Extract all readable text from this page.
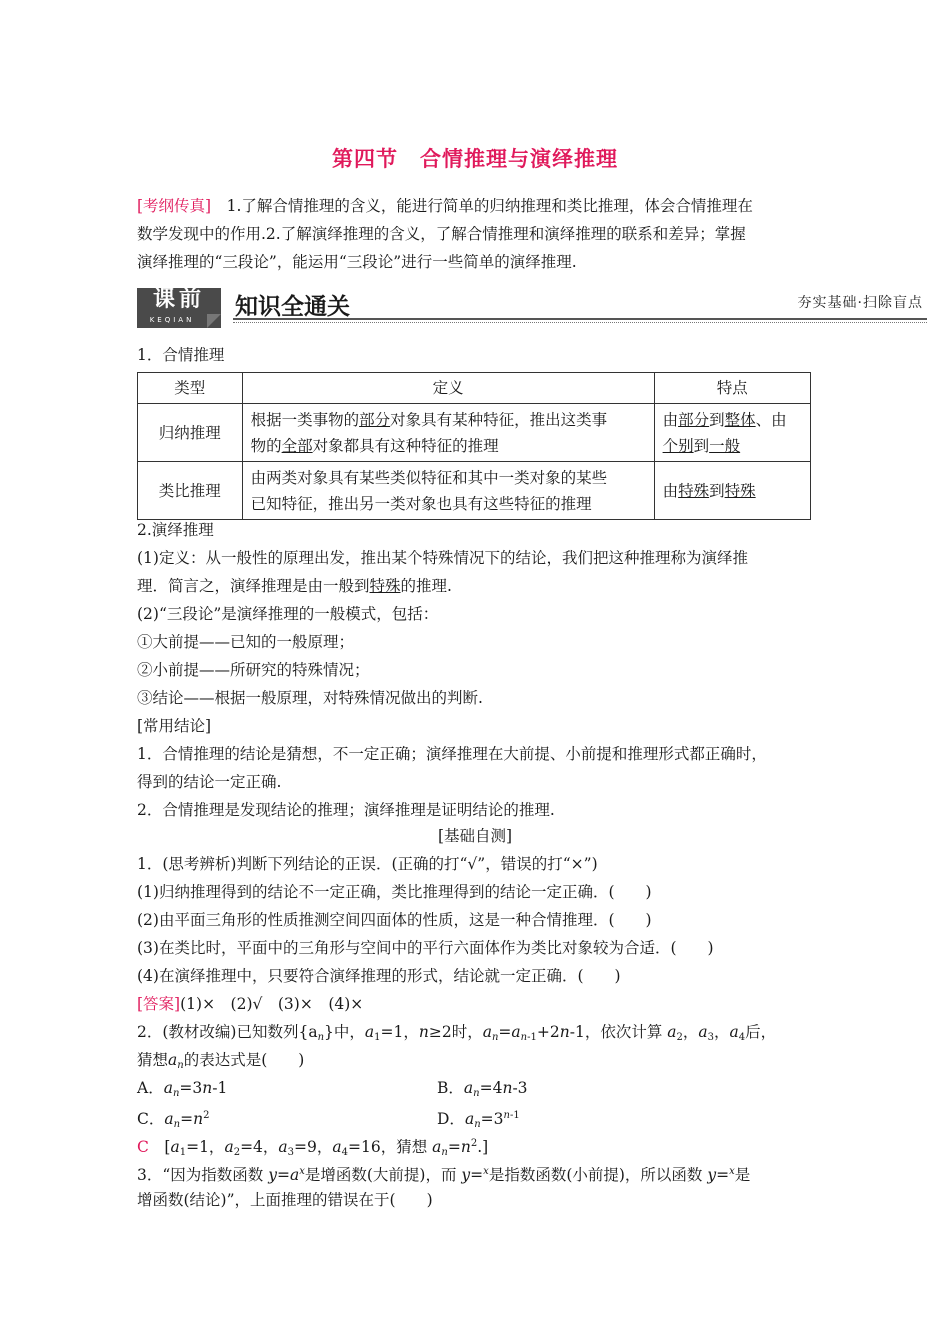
第四节　合情推理与演绎推理
[考纲传真]　 1.了解合情推理的含义，能进行简单的归纳推理和类比推理，体会合情推理在
数学发现中的作用.2.了解演绎推理的含义，了解合情推理和演绎推理的联系和差异；掌握
演绎推理的“三段论”，能运用“三段论”进行一些简单的演绎推理.
课前
KEQIAN	知识全通关	夯实基础·扫除盲点
1．合情推理
类型	定义	特点
归纳推理	根据一类事物的部分对象具有某种特征，推出这类事
物的全部对象都具有这种特征的推理	由部分到整体、由
个别到一般
类比推理	由两类对象具有某些类似特征和其中一类对象的某些
已知特征，推出另一类对象也具有这些特征的推理	由特殊到特殊
2.演绎推理
(1)定义：从一般性的原理出发，推出某个特殊情况下的结论，我们把这种推理称为演绎推
理．简言之，演绎推理是由一般到特殊的推理.
(2)“三段论”是演绎推理的一般模式，包括：
①大前提——已知的一般原理；
②小前提——所研究的特殊情况；
③结论——根据一般原理，对特殊情况做出的判断.
[常用结论]
1．合情推理的结论是猜想，不一定正确；演绎推理在大前提、小前提和推理形式都正确时，
得到的结论一定正确.
2．合情推理是发现结论的推理；演绎推理是证明结论的推理.
[基础自测]
1．(思考辨析)判断下列结论的正误．(正确的打“√”，错误的打“×”)
(1)归纳推理得到的结论不一定正确，类比推理得到的结论一定正确．(　　)
(2)由平面三角形的性质推测空间四面体的性质，这是一种合情推理．(　　)
(3)在类比时，平面中的三角形与空间中的平行六面体作为类比对象较为合适．(　　)
(4)在演绎推理中，只要符合演绎推理的形式，结论就一定正确．(　　)
[答案](1)×　(2)√　(3)×　(4)×
2．(教材改编)已知数列$\{a_n\}$中，$a_1=1$，n≥2时，$a_n=a_{n-1}+2n-1$，依次计算 $a_2$，$a_3$，$a_4$后，
猜想$a_n$的表达式是(　　)
A．$a_n=3n-1$	B．$a_n=4n-3$
C．$a_n=n^2$	D．$a_n=3^{n-1}$
C　 [$a_1=1$，$a_2=4$，$a_3=9$，$a_4=16$，猜想 $a_n=n^2$.]
3．“因为指数函数 $y=a^x$是增函数(大前提)，而 y=$^x$是指数函数(小前提)，所以函数 y=$^x$是
增函数(结论)”，上面推理的错误在于(　　)
